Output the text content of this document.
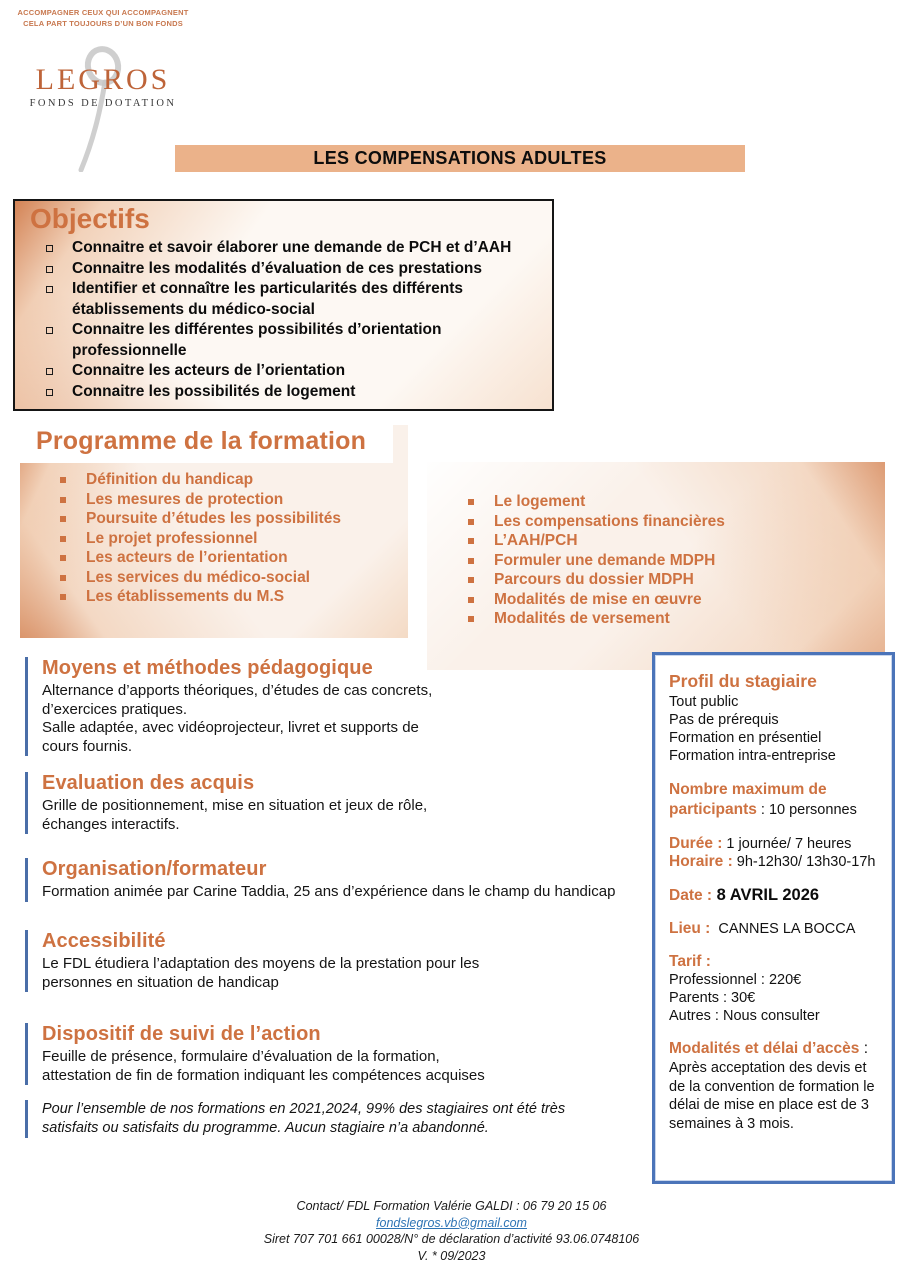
ACCOMPAGNER CEUX QUI ACCOMPAGNENT
CELA PART TOUJOURS D’UN BON FONDS
LEGROS
FONDS DE DOTATION
LES COMPENSATIONS ADULTES
Objectifs
Connaitre et savoir élaborer une demande de PCH et d’AAH
Connaitre les modalités d’évaluation de ces prestations
Identifier et connaître les particularités des différents établissements du médico-social
Connaitre les différentes possibilités d’orientation professionnelle
Connaitre les acteurs de l’orientation
Connaitre les possibilités de logement
Programme de la formation
Définition du handicap
Les mesures de protection
Poursuite d’études les possibilités
Le projet professionnel
Les acteurs de l’orientation
Les services du médico-social
Les établissements du M.S
Le logement
Les compensations financières
L’AAH/PCH
Formuler une demande MDPH
Parcours du dossier MDPH
Modalités de mise en œuvre
Modalités de versement
Moyens et méthodes pédagogique

Alternance d’apports théoriques, d’études de cas concrets, d’exercices pratiques.

Salle adaptée, avec vidéoprojecteur, livret et supports de cours fournis.

Evaluation des acquis

Grille de positionnement, mise en situation et jeux de rôle, échanges interactifs.

Organisation/formateur

Formation animée par Carine Taddia, 25 ans d’expérience dans le champ du handicap

Accessibilité

Le FDL étudiera l’adaptation des moyens de la prestation pour les personnes en situation de handicap

Dispositif de suivi de l’action

Feuille de présence, formulaire d’évaluation de la formation, attestation de fin de formation indiquant les compétences acquises

Pour l’ensemble de nos formations en 2021,2024, 99% des stagiaires ont été très satisfaits ou satisfaits du programme. Aucun stagiaire n’a abandonné.

Profil du stagiaire
Tout public
Pas de prérequis
Formation en présentiel
Formation intra-entreprise
Nombre maximum de participants : 10 personnes
Durée : 1 journée/ 7 heures
Horaire : 9h-12h30/ 13h30-17h
Date : 8 AVRIL 2026
Lieu :  CANNES LA BOCCA
Tarif :
Professionnel : 220€
Parents : 30€
Autres : Nous consulter
Modalités et délai d’accès :
Après acceptation des devis et de la convention de formation le délai de mise en place est de 3 semaines à 3 mois.
Contact/ FDL Formation Valérie GALDI : 06 79 20 15 06
fondslegros.vb@gmail.com
Siret 707 701 661 00028/N° de déclaration d’activité 93.06.0748106
V. * 09/2023
